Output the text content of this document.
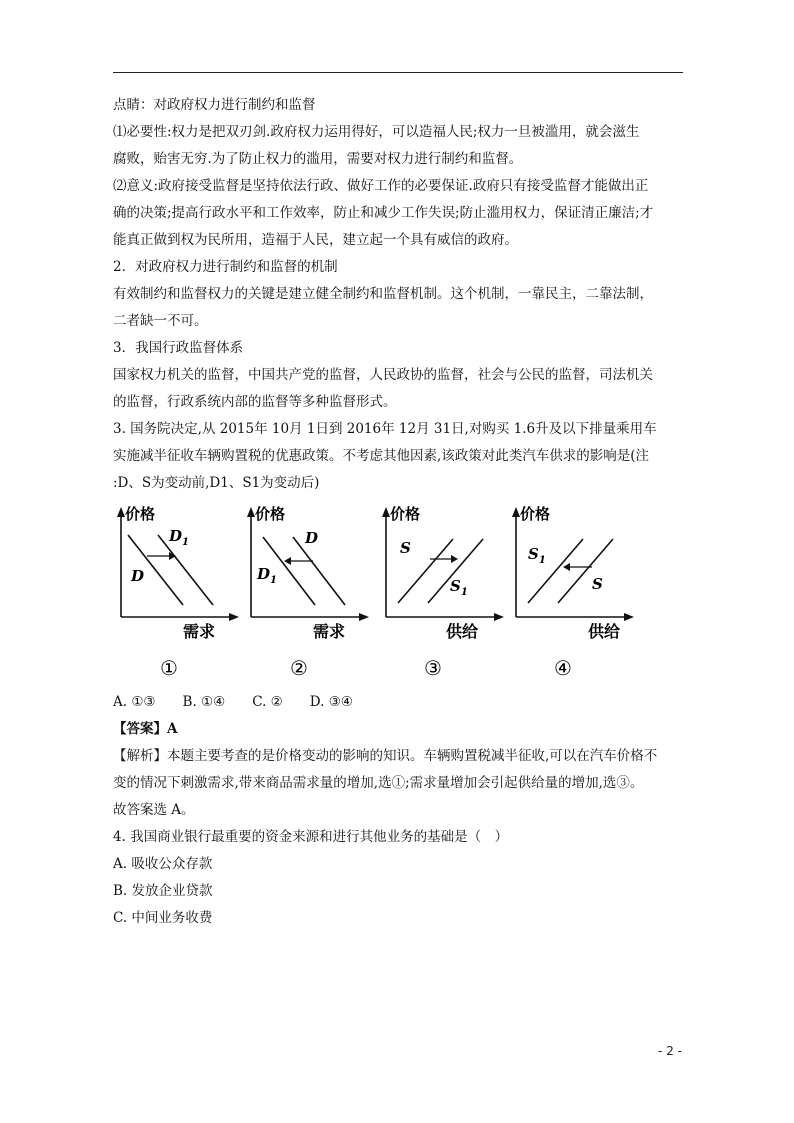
点睛：对政府权力进行制约和监督
⑴必要性:权力是把双刃剑.政府权力运用得好，可以造福人民;权力一旦被滥用，就会滋生
腐败，贻害无穷.为了防止权力的滥用，需要对权力进行制约和监督。
⑵意义:政府接受监督是坚持依法行政、做好工作的必要保证.政府只有接受监督才能做出正
确的决策;提高行政水平和工作效率，防止和减少工作失误;防止滥用权力，保证清正廉洁;才
能真正做到权为民所用，造福于人民，建立起一个具有威信的政府。
2．对政府权力进行制约和监督的机制
有效制约和监督权力的关键是建立健全制约和监督机制。这个机制，一靠民主，二靠法制，
二者缺一不可。
3．我国行政监督体系
国家权力机关的监督，中国共产党的监督，人民政协的监督，社会与公民的监督，司法机关
的监督，行政系统内部的监督等多种监督形式。
3. 国务院决定,从 2015年 10月 1日到 2016年 12月 31日,对购买 1.6升及以下排量乘用车
实施减半征收车辆购置税的优惠政策。不考虑其他因素,该政策对此类汽车供求的影响是(注
:D、S为变动前,D1、S1为变动后)
价格
需求
D
$D_1$
①
价格
需求
D
$D_1$
②
价格
供给
S
$S_1$
③
价格
供给
S
$S_1$
④
A. ①③　　B. ①④　　C. ②　　D. ③④
【答案】A
【解析】本题主要考查的是价格变动的影响的知识。车辆购置税减半征收,可以在汽车价格不
变的情况下刺激需求,带来商品需求量的增加,选①;需求量增加会引起供给量的增加,选③。
故答案选 A。
4. 我国商业银行最重要的资金来源和进行其他业务的基础是（　）
A. 吸收公众存款
B. 发放企业贷款
C. 中间业务收费
- 2 -
